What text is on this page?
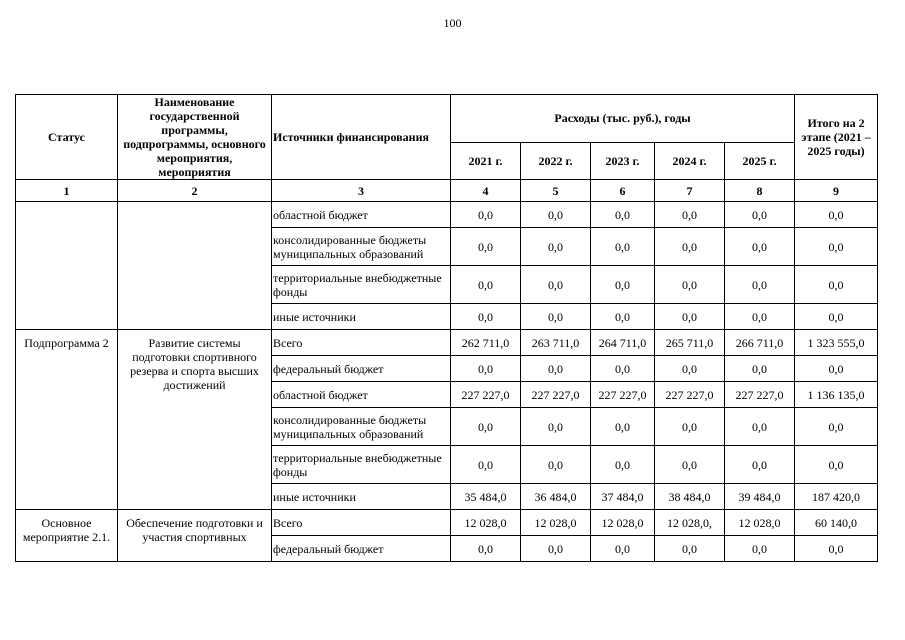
100
Статус	Наименование государственной программы, подпрограммы, основного мероприятия, мероприятия	Источники финансирования	Расходы (тыс. руб.), годы					Итого на 2 этапе (2021 – 2025 годы)
			2021 г.	2022 г.	2023 г.	2024 г.	2025 г.	
1	2	3	4	5	6	7	8	9
		областной бюджет	0,0	0,0	0,0	0,0	0,0	0,0
		консолидированные бюджеты муниципальных образований	0,0	0,0	0,0	0,0	0,0	0,0
		территориальные внебюджетные фонды	0,0	0,0	0,0	0,0	0,0	0,0
		иные источники	0,0	0,0	0,0	0,0	0,0	0,0
Подпрограмма 2	Развитие системы подготовки спортивного резерва и спорта высших достижений	Всего	262 711,0	263 711,0	264 711,0	265 711,0	266 711,0	1 323 555,0
		федеральный бюджет	0,0	0,0	0,0	0,0	0,0	0,0
		областной бюджет	227 227,0	227 227,0	227 227,0	227 227,0	227 227,0	1 136 135,0
		консолидированные бюджеты муниципальных образований	0,0	0,0	0,0	0,0	0,0	0,0
		территориальные внебюджетные фонды	0,0	0,0	0,0	0,0	0,0	0,0
		иные источники	35 484,0	36 484,0	37 484,0	38 484,0	39 484,0	187 420,0
Основное мероприятие 2.1.	Обеспечение подготовки и участия спортивных	Всего	12 028,0	12 028,0	12 028,0	12 028,0,	12 028,0	60 140,0
		федеральный бюджет	0,0	0,0	0,0	0,0	0,0	0,0
